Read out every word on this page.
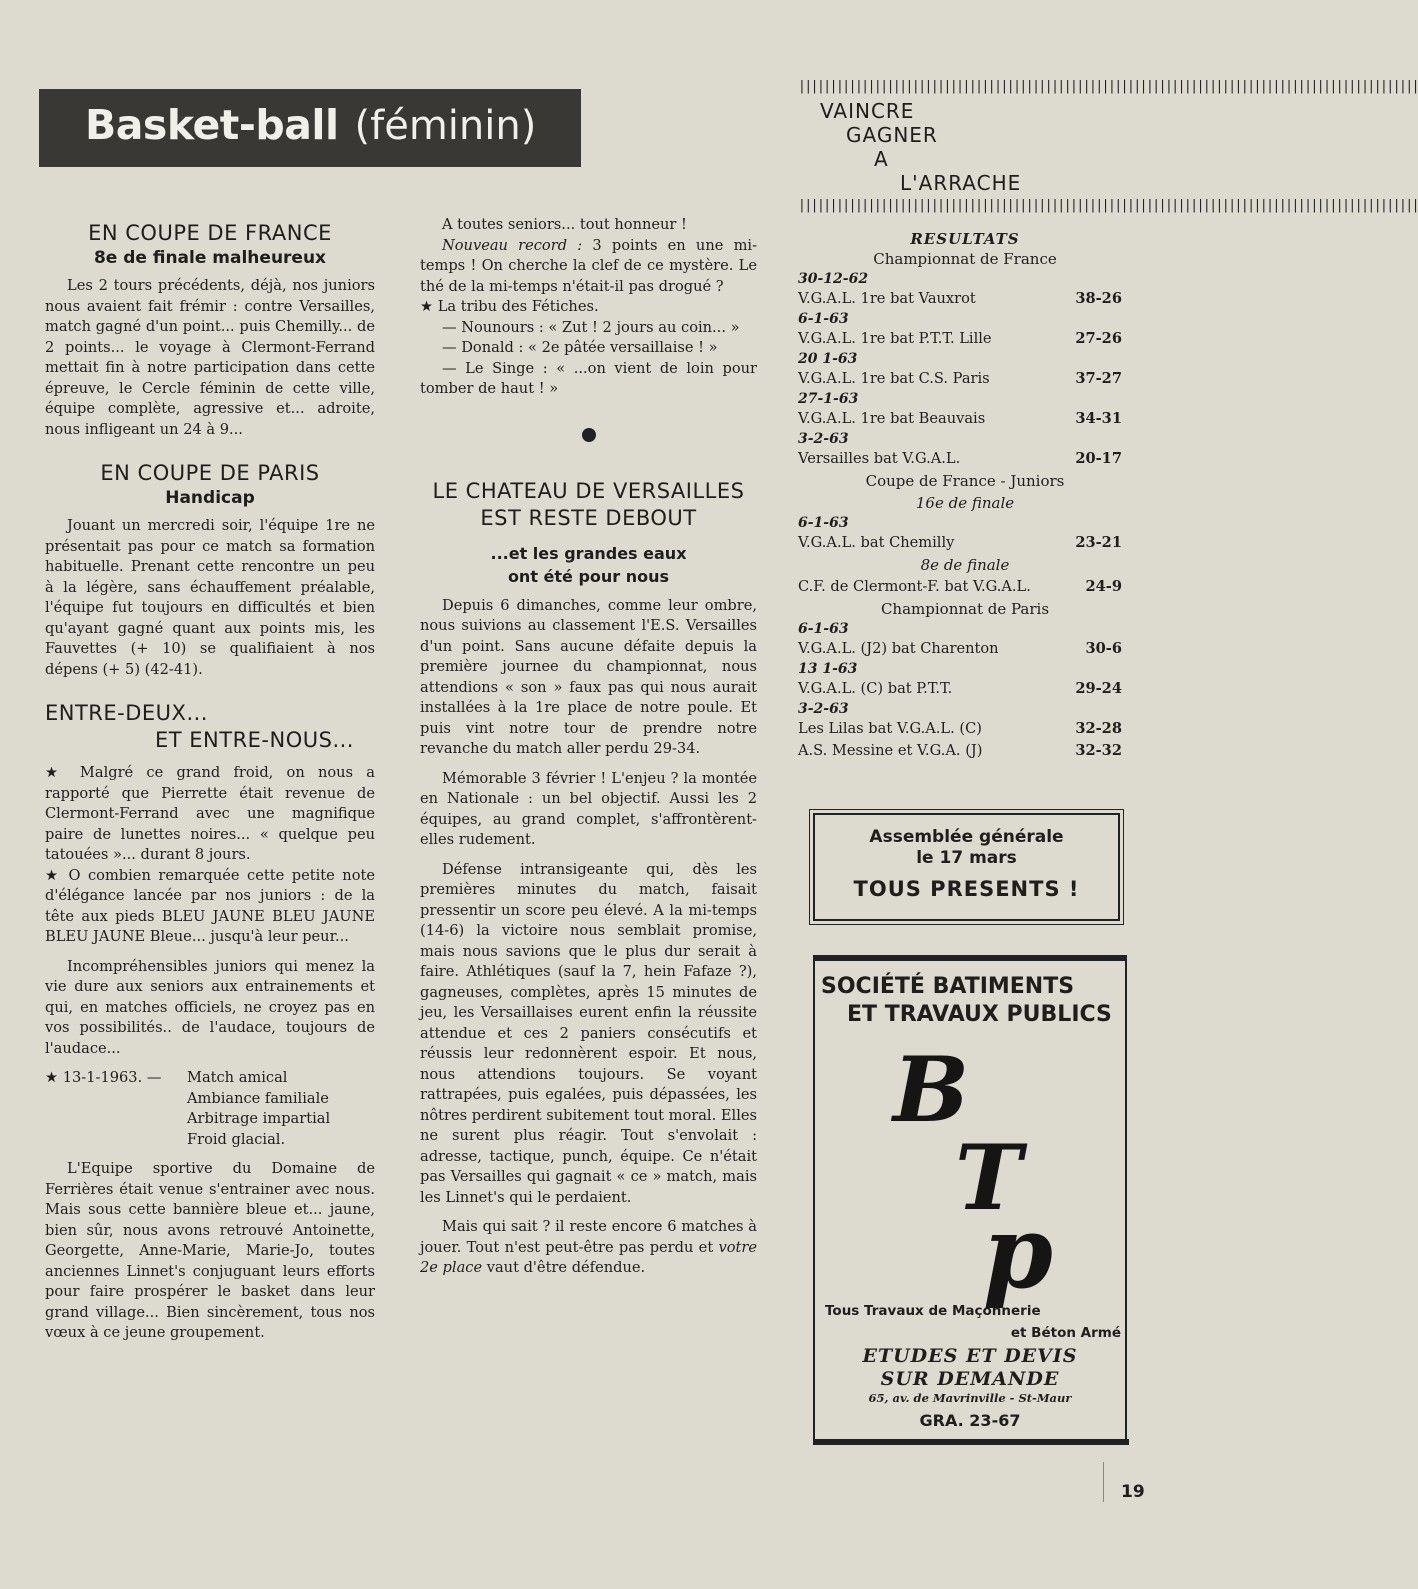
Basket-ball (féminin)
EN COUPE DE FRANCE
8e de finale malheureux

Les 2 tours précédents, déjà, nos juniors nous avaient fait frémir : contre Versailles, match gagné d'un point... puis Chemilly... de 2 points... le voyage à Clermont-Ferrand mettait fin à notre participation dans cette épreuve, le Cercle féminin de cette ville, équipe complète, agressive et... adroite, nous infligeant un 24 à 9...

EN COUPE DE PARIS
Handicap

Jouant un mercredi soir, l'équipe 1re ne présentait pas pour ce match sa formation habituelle. Prenant cette rencontre un peu à la légère, sans échauffement préalable, l'équipe fut toujours en difficultés et bien qu'ayant gagné quant aux points mis, les Fauvettes (+ 10) se qualifiaient à nos dépens (+ 5) (42-41).

ENTRE-DEUX...
ET ENTRE-NOUS...

★ Malgré ce grand froid, on nous a rapporté que Pierrette était revenue de Clermont-Ferrand avec une magnifique paire de lunettes noires... « quelque peu tatouées »... durant 8 jours.

★ O combien remarquée cette petite note d'élégance lancée par nos juniors : de la tête aux pieds BLEU JAUNE BLEU JAUNE BLEU JAUNE Bleue... jusqu'à leur peur...

Incompréhensibles juniors qui menez la vie dure aux seniors aux entrainements et qui, en matches officiels, ne croyez pas en vos possibilités.. de l'audace, toujours de l'audace...

★ 13-1-1963. —	Match amical
Ambiance familiale
Arbitrage impartial
Froid glacial.

L'Equipe sportive du Domaine de Ferrières était venue s'entrainer avec nous. Mais sous cette bannière bleue et... jaune, bien sûr, nous avons retrouvé Antoinette, Georgette, Anne-Marie, Marie-Jo, toutes anciennes Linnet's conjuguant leurs efforts pour faire prospérer le basket dans leur grand village... Bien sincèrement, tous nos vœux à ce jeune groupement.

A toutes seniors... tout honneur !

Nouveau record : 3 points en une mi-temps ! On cherche la clef de ce mystère. Le thé de la mi-temps n'était-il pas drogué ?

★ La tribu des Fétiches.

— Nounours : « Zut ! 2 jours au coin... »

— Donald : « 2e pâtée versaillaise ! »

— Le Singe : « ...on vient de loin pour tomber de haut ! »

LE CHATEAU DE VERSAILLES
EST RESTE DEBOUT
...et les grandes eaux
ont été pour nous

Depuis 6 dimanches, comme leur ombre, nous suivions au classement l'E.S. Versailles d'un point. Sans aucune défaite depuis la première journee du championnat, nous attendions « son » faux pas qui nous aurait installées à la 1re place de notre poule. Et puis vint notre tour de prendre notre revanche du match aller perdu 29-34.

Mémorable 3 février ! L'enjeu ? la montée en Nationale : un bel objectif. Aussi les 2 équipes, au grand complet, s'affrontèrent-elles rudement.

Défense intransigeante qui, dès les premières minutes du match, faisait pressentir un score peu élevé. A la mi-temps (14-6) la victoire nous semblait promise, mais nous savions que le plus dur serait à faire. Athlétiques (sauf la 7, hein Fafaze ?), gagneuses, complètes, après 15 minutes de jeu, les Versaillaises eurent enfin la réussite attendue et ces 2 paniers consécutifs et réussis leur redonnèrent espoir. Et nous, nous attendions toujours. Se voyant rattrapées, puis egalées, puis dépassées, les nôtres perdirent subitement tout moral. Elles ne surent plus réagir. Tout s'envolait : adresse, tactique, punch, équipe. Ce n'était pas Versailles qui gagnait « ce » match, mais les Linnet's qui le perdaient.

Mais qui sait ? il reste encore 6 matches à jouer. Tout n'est peut-être pas perdu et votre 2e place vaut d'être défendue.

||||||||||||||||||||||||||||||||||||||||||||||||||||||||||||||||||||||||||||||||||||||||||||||||||
VAINCRE
GAGNER
A
L'ARRACHE
||||||||||||||||||||||||||||||||||||||||||||||||||||||||||||||||||||||||||||||||||||||||||||||||||
RESULTATS
Championnat de France
30-12-62
V.G.A.L. 1re bat Vauxrot	38-26
6-1-63
V.G.A.L. 1re bat P.T.T. Lille	27-26
20 1-63
V.G.A.L. 1re bat C.S. Paris	37-27
27-1-63
V.G.A.L. 1re bat Beauvais	34-31
3-2-63
Versailles bat V.G.A.L.	20-17
Coupe de France - Juniors
16e de finale
6-1-63
V.G.A.L. bat Chemilly	23-21
8e de finale
C.F. de Clermont-F. bat V.G.A.L.	24-9
Championnat de Paris
6-1-63
V.G.A.L. (J2) bat Charenton	30-6
13 1-63
V.G.A.L. (C) bat P.T.T.	29-24
3-2-63
Les Lilas bat V.G.A.L. (C)	32-28
A.S. Messine et V.G.A. (J)	32-32
Assemblée générale
le 17 mars
TOUS PRESENTS !
SOCIÉTÉ BATIMENTS
ET TRAVAUX PUBLICS
B
T
p
Tous Travaux de Maçonnerie
et Béton Armé
ETUDES ET DEVIS
SUR DEMANDE
65, av. de Mavrinville - St-Maur
GRA. 23-67
19
